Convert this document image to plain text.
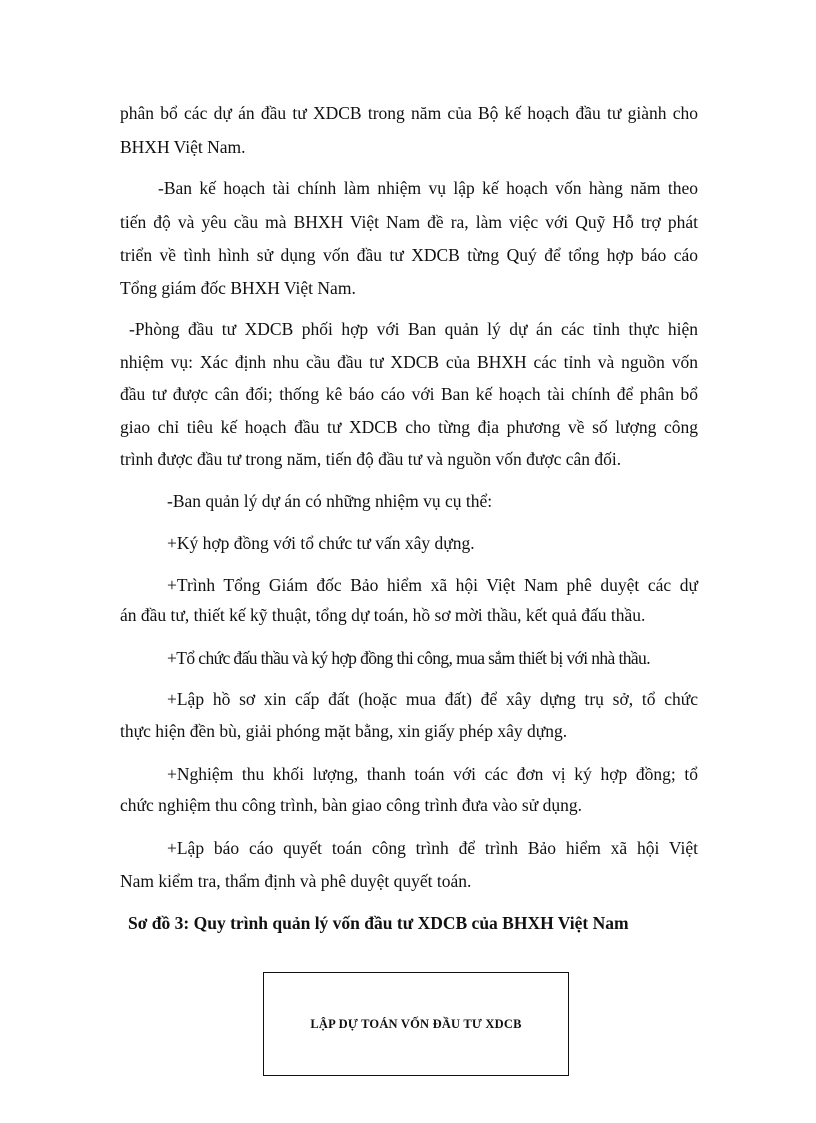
phân bổ các dự án đầu tư XDCB trong năm của Bộ kế hoạch đầu tư giành cho
BHXH Việt Nam.
-Ban kế hoạch tài chính làm nhiệm vụ lập kế hoạch vốn hàng năm theo
tiến độ và yêu cầu mà BHXH Việt Nam đề ra, làm việc với Quỹ Hỗ trợ phát
triển về tình hình sử dụng vốn đầu tư XDCB từng Quý để tổng hợp báo cáo
Tổng giám đốc BHXH Việt Nam.
-Phòng đầu tư XDCB phối hợp với Ban quản lý dự án các tỉnh thực hiện
nhiệm vụ: Xác định nhu cầu đầu tư XDCB của BHXH các tỉnh và nguồn vốn
đầu tư được cân đối; thống kê báo cáo với Ban kế hoạch tài chính để phân bổ
giao chỉ tiêu kế hoạch đầu tư XDCB cho từng địa phương về số lượng công
trình được đầu tư trong năm, tiến độ đầu tư và nguồn vốn được cân đối.
-Ban quản lý dự án có những nhiệm vụ cụ thể:
+Ký hợp đồng với tổ chức tư vấn xây dựng.
+Trình Tổng Giám đốc Bảo hiểm xã hội Việt Nam phê duyệt các dự
án đầu tư, thiết kế kỹ thuật, tổng dự toán, hồ sơ mời thầu, kết quả đấu thầu.
+Tổ chức đấu thầu và ký hợp đồng thi công, mua sắm thiết bị với nhà thầu.
+Lập hồ sơ xin cấp đất (hoặc mua đất) để xây dựng trụ sở, tổ chức
thực hiện đền bù, giải phóng mặt bằng, xin giấy phép xây dựng.
+Nghiệm thu khối lượng, thanh toán với các đơn vị ký hợp đồng; tổ
chức nghiệm thu công trình, bàn giao công trình đưa vào sử dụng.
+Lập báo cáo quyết toán công trình để trình Bảo hiểm xã hội Việt
Nam kiểm tra, thẩm định và phê duyệt quyết toán.
Sơ đồ 3: Quy trình quản lý vốn đầu tư XDCB của BHXH Việt Nam
LẬP DỰ TOÁN VỐN ĐẦU TƯ XDCB
